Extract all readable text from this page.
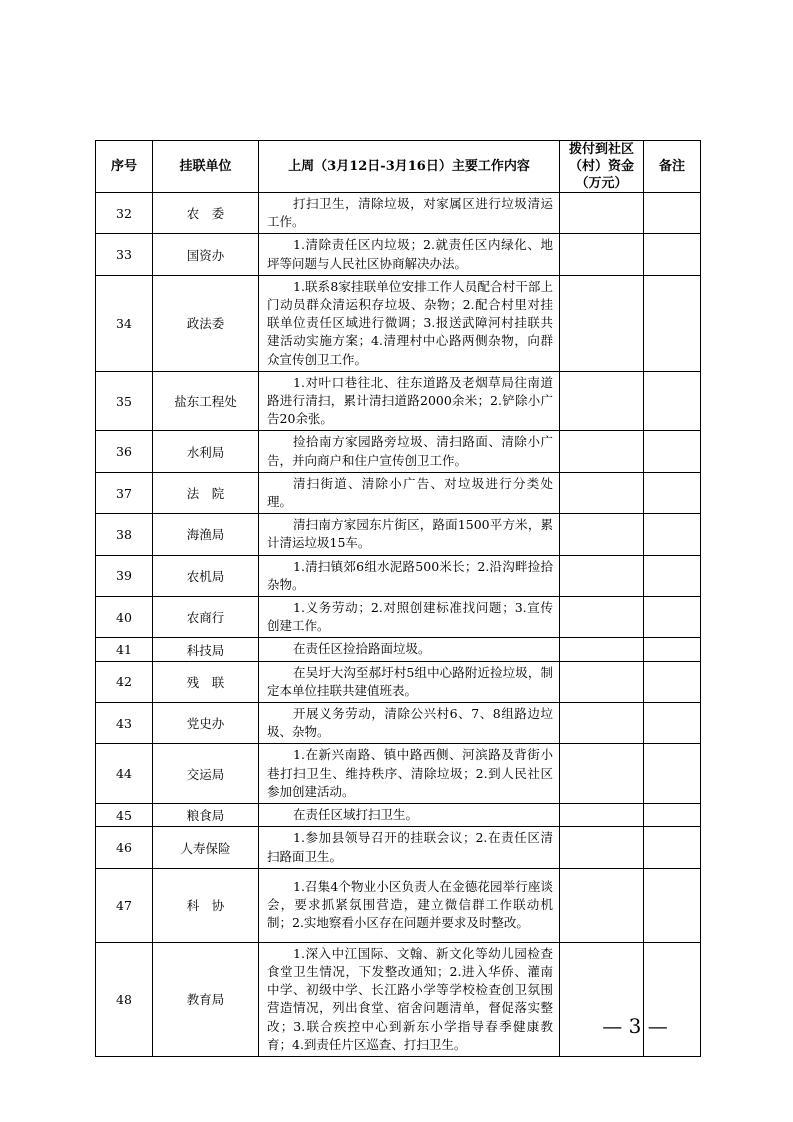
序号	挂联单位	上周（3月12日-3月16日）主要工作内容	拨付到社区（村）资金（万元）	备注
32	农　委	打扫卫生，清除垃圾，对家属区进行垃圾清运工作。		
33	国资办	1.清除责任区内垃圾；2.就责任区内绿化、地坪等问题与人民社区协商解决办法。		
34	政法委	1.联系8家挂联单位安排工作人员配合村干部上门动员群众清运积存垃圾、杂物；2.配合村里对挂联单位责任区域进行微调；3.报送武障河村挂联共建活动实施方案；4.清理村中心路两侧杂物，向群众宣传创卫工作。		
35	盐东工程处	1.对叶口巷往北、往东道路及老烟草局往南道路进行清扫，累计清扫道路2000余米；2.铲除小广告20余张。		
36	水利局	捡拾南方家园路旁垃圾、清扫路面、清除小广告，并向商户和住户宣传创卫工作。		
37	法　院	清扫街道、清除小广告、对垃圾进行分类处理。		
38	海渔局	清扫南方家园东片街区，路面1500平方米，累计清运垃圾15车。		
39	农机局	1.清扫镇郊6组水泥路500米长；2.沿沟畔捡拾杂物。		
40	农商行	1.义务劳动；2.对照创建标准找问题；3.宣传创建工作。		
41	科技局	在责任区捡拾路面垃圾。		
42	残　联	在吴圩大沟至郝圩村5组中心路附近捡垃圾，制定本单位挂联共建值班表。		
43	党史办	开展义务劳动，清除公兴村6、7、8组路边垃圾、杂物。		
44	交运局	1.在新兴南路、镇中路西侧、河滨路及背街小巷打扫卫生、维持秩序、清除垃圾；2.到人民社区参加创建活动。		
45	粮食局	在责任区域打扫卫生。		
46	人寿保险	1.参加县领导召开的挂联会议；2.在责任区清扫路面卫生。		
47	科　协	1.召集4个物业小区负责人在金德花园举行座谈会，要求抓紧氛围营造，建立微信群工作联动机制；2.实地察看小区存在问题并要求及时整改。		
48	教育局	1.深入中江国际、文翰、新文化等幼儿园检查食堂卫生情况，下发整改通知；2.进入华侨、灌南中学、初级中学、长江路小学等学校检查创卫氛围营造情况，列出食堂、宿舍问题清单，督促落实整改；3.联合疾控中心到新东小学指导春季健康教育；4.到责任片区巡查、打扫卫生。		
— 3 —
